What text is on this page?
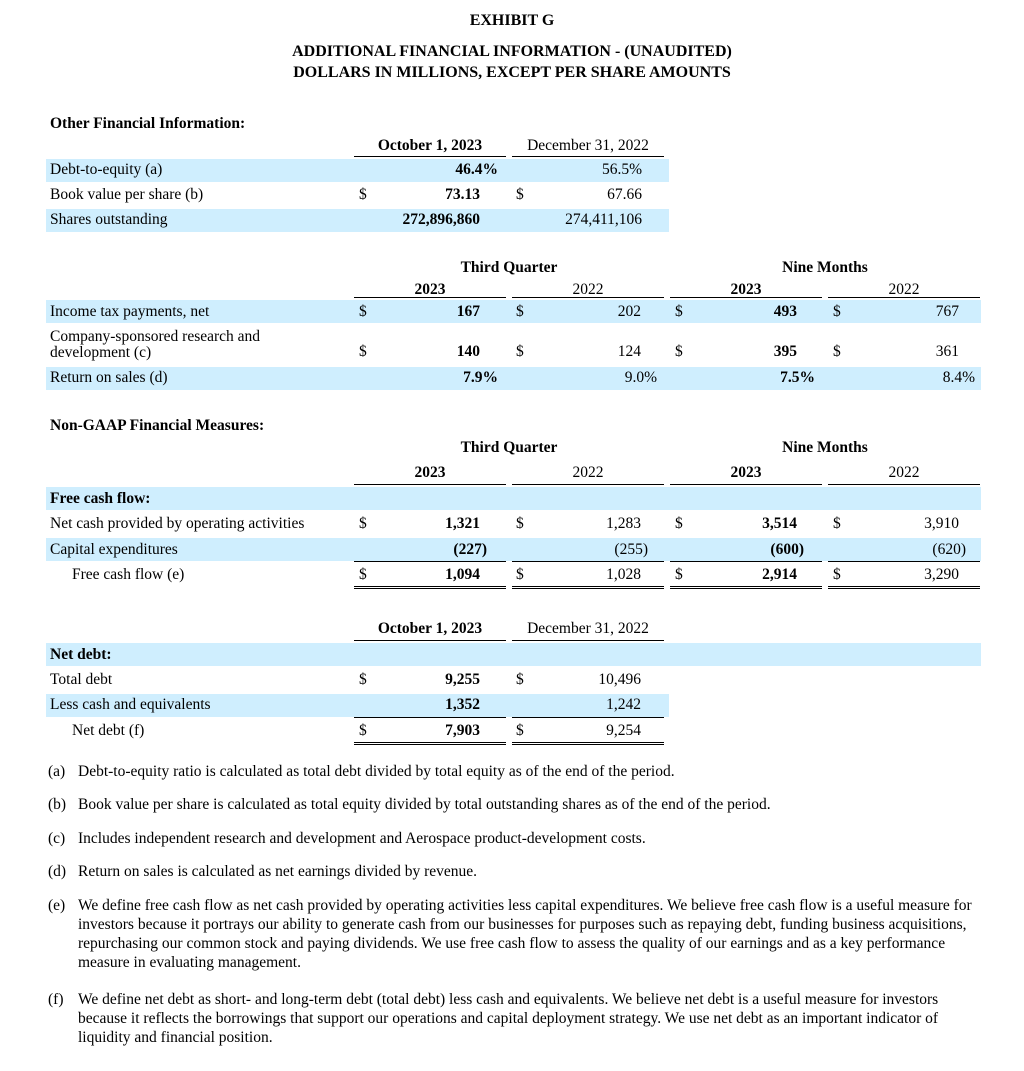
EXHIBIT G
ADDITIONAL FINANCIAL INFORMATION - (UNAUDITED)
DOLLARS IN MILLIONS, EXCEPT PER SHARE AMOUNTS
Other Financial Information:
October 1, 2023	December 31, 2022
Debt-to-equity (a)	46.4%	56.5%
Book value per share (b)	$	73.13 $	67.66
Shares outstanding	272,896,860	274,411,106
Third Quarter	Nine Months
2023	2022	2023	2022
Income tax payments, net	$	167 $	202 $	493 $	767
Company-sponsored research and
development (c)	$	140 $	124 $	395 $	361
Return on sales (d)	7.9%	9.0%	7.5%	8.4%
Non-GAAP Financial Measures:
Third Quarter	Nine Months
2023	2022	2023	2022
Free cash flow:
Net cash provided by operating activities	$	1,321 $	1,283 $	3,514 $	3,910
Capital expenditures	(227)	(255)	(600)	(620)
Free cash flow (e)	$	1,094 $	1,028 $	2,914 $	3,290
October 1, 2023	December 31, 2022
Net debt:
Total debt	$	9,255 $	10,496
Less cash and equivalents	1,352	1,242
Net debt (f)	$	7,903 $	9,254
(a) Debt-to-equity ratio is calculated as total debt divided by total equity as of the end of the period.
(b) Book value per share is calculated as total equity divided by total outstanding shares as of the end of the period.
(c) Includes independent research and development and Aerospace product-development costs.
(d) Return on sales is calculated as net earnings divided by revenue.
(e) We define free cash flow as net cash provided by operating activities less capital expenditures. We believe free cash flow is a useful measure for investors because it portrays our ability to generate cash from our businesses for purposes such as repaying debt, funding business acquisitions, repurchasing our common stock and paying dividends. We use free cash flow to assess the quality of our earnings and as a key performance measure in evaluating management.
(f) We define net debt as short- and long-term debt (total debt) less cash and equivalents. We believe net debt is a useful measure for investors because it reflects the borrowings that support our operations and capital deployment strategy. We use net debt as an important indicator of liquidity and financial position.
